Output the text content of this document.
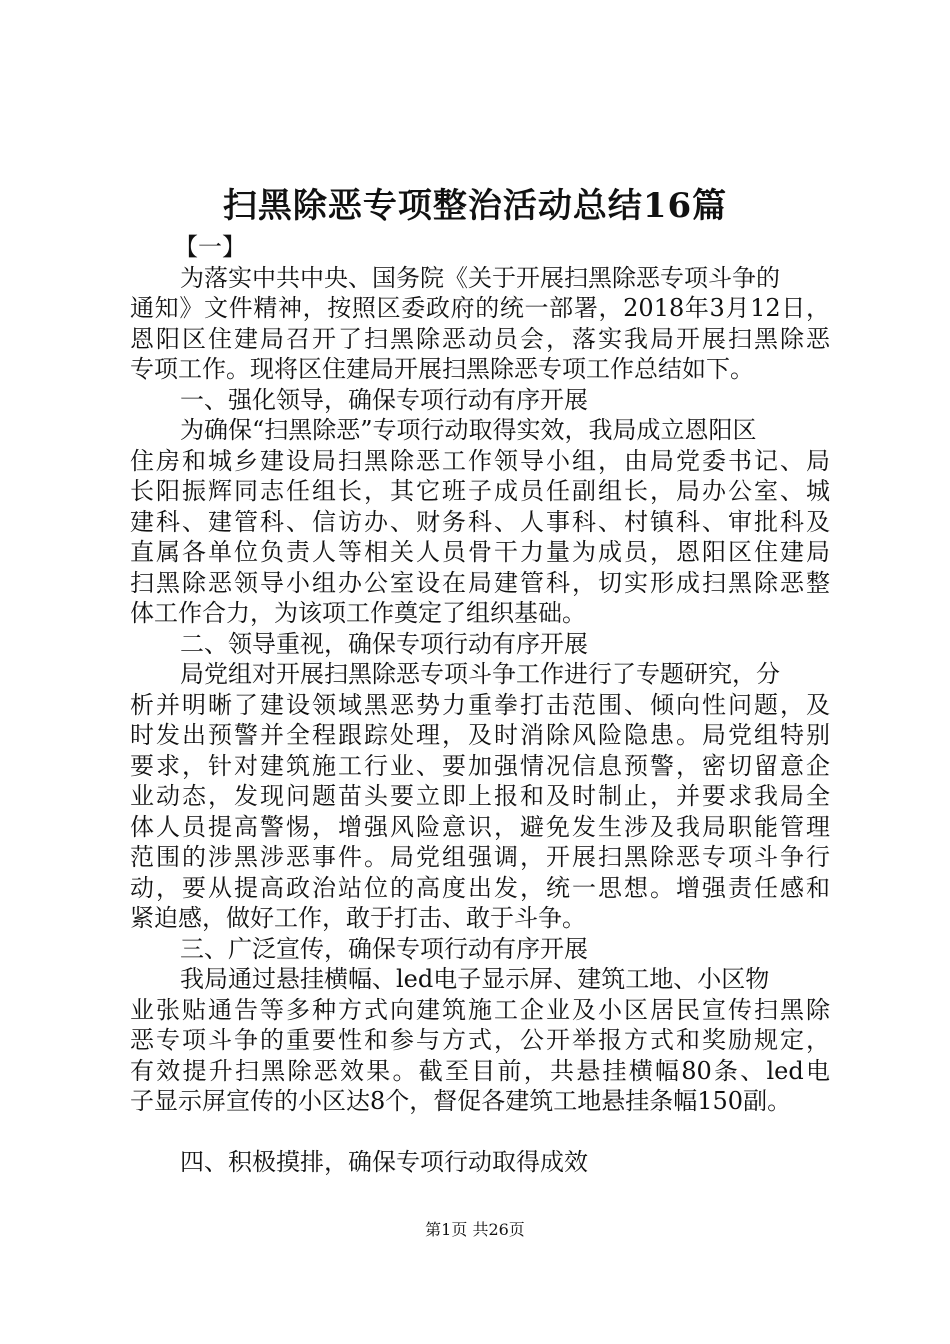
扫黑除恶专项整治活动总结16篇
【一】
为落实中共中央、国务院《关于开展扫黑除恶专项斗争的
通知》文件精神，按照区委政府的统一部署，2018年3月12日，
恩阳区住建局召开了扫黑除恶动员会，落实我局开展扫黑除恶
专项工作。现将区住建局开展扫黑除恶专项工作总结如下。
一、强化领导，确保专项行动有序开展
为确保“扫黑除恶”专项行动取得实效，我局成立恩阳区
住房和城乡建设局扫黑除恶工作领导小组，由局党委书记、局
长阳振辉同志任组长，其它班子成员任副组长，局办公室、城
建科、建管科、信访办、财务科、人事科、村镇科、审批科及
直属各单位负责人等相关人员骨干力量为成员，恩阳区住建局
扫黑除恶领导小组办公室设在局建管科，切实形成扫黑除恶整
体工作合力，为该项工作奠定了组织基础。
二、领导重视，确保专项行动有序开展
局党组对开展扫黑除恶专项斗争工作进行了专题研究，分
析并明晰了建设领域黑恶势力重拳打击范围、倾向性问题，及
时发出预警并全程跟踪处理，及时消除风险隐患。局党组特别
要求，针对建筑施工行业、要加强情况信息预警，密切留意企
业动态，发现问题苗头要立即上报和及时制止，并要求我局全
体人员提高警惕，增强风险意识，避免发生涉及我局职能管理
范围的涉黑涉恶事件。局党组强调，开展扫黑除恶专项斗争行
动，要从提高政治站位的高度出发，统一思想。增强责任感和
紧迫感，做好工作，敢于打击、敢于斗争。
三、广泛宣传，确保专项行动有序开展
我局通过悬挂横幅、led电子显示屏、建筑工地、小区物
业张贴通告等多种方式向建筑施工企业及小区居民宣传扫黑除
恶专项斗争的重要性和参与方式，公开举报方式和奖励规定，
有效提升扫黑除恶效果。截至目前，共悬挂横幅80条、led电
子显示屏宣传的小区达8个，督促各建筑工地悬挂条幅150副。
四、积极摸排，确保专项行动取得成效
第1页 共26页
